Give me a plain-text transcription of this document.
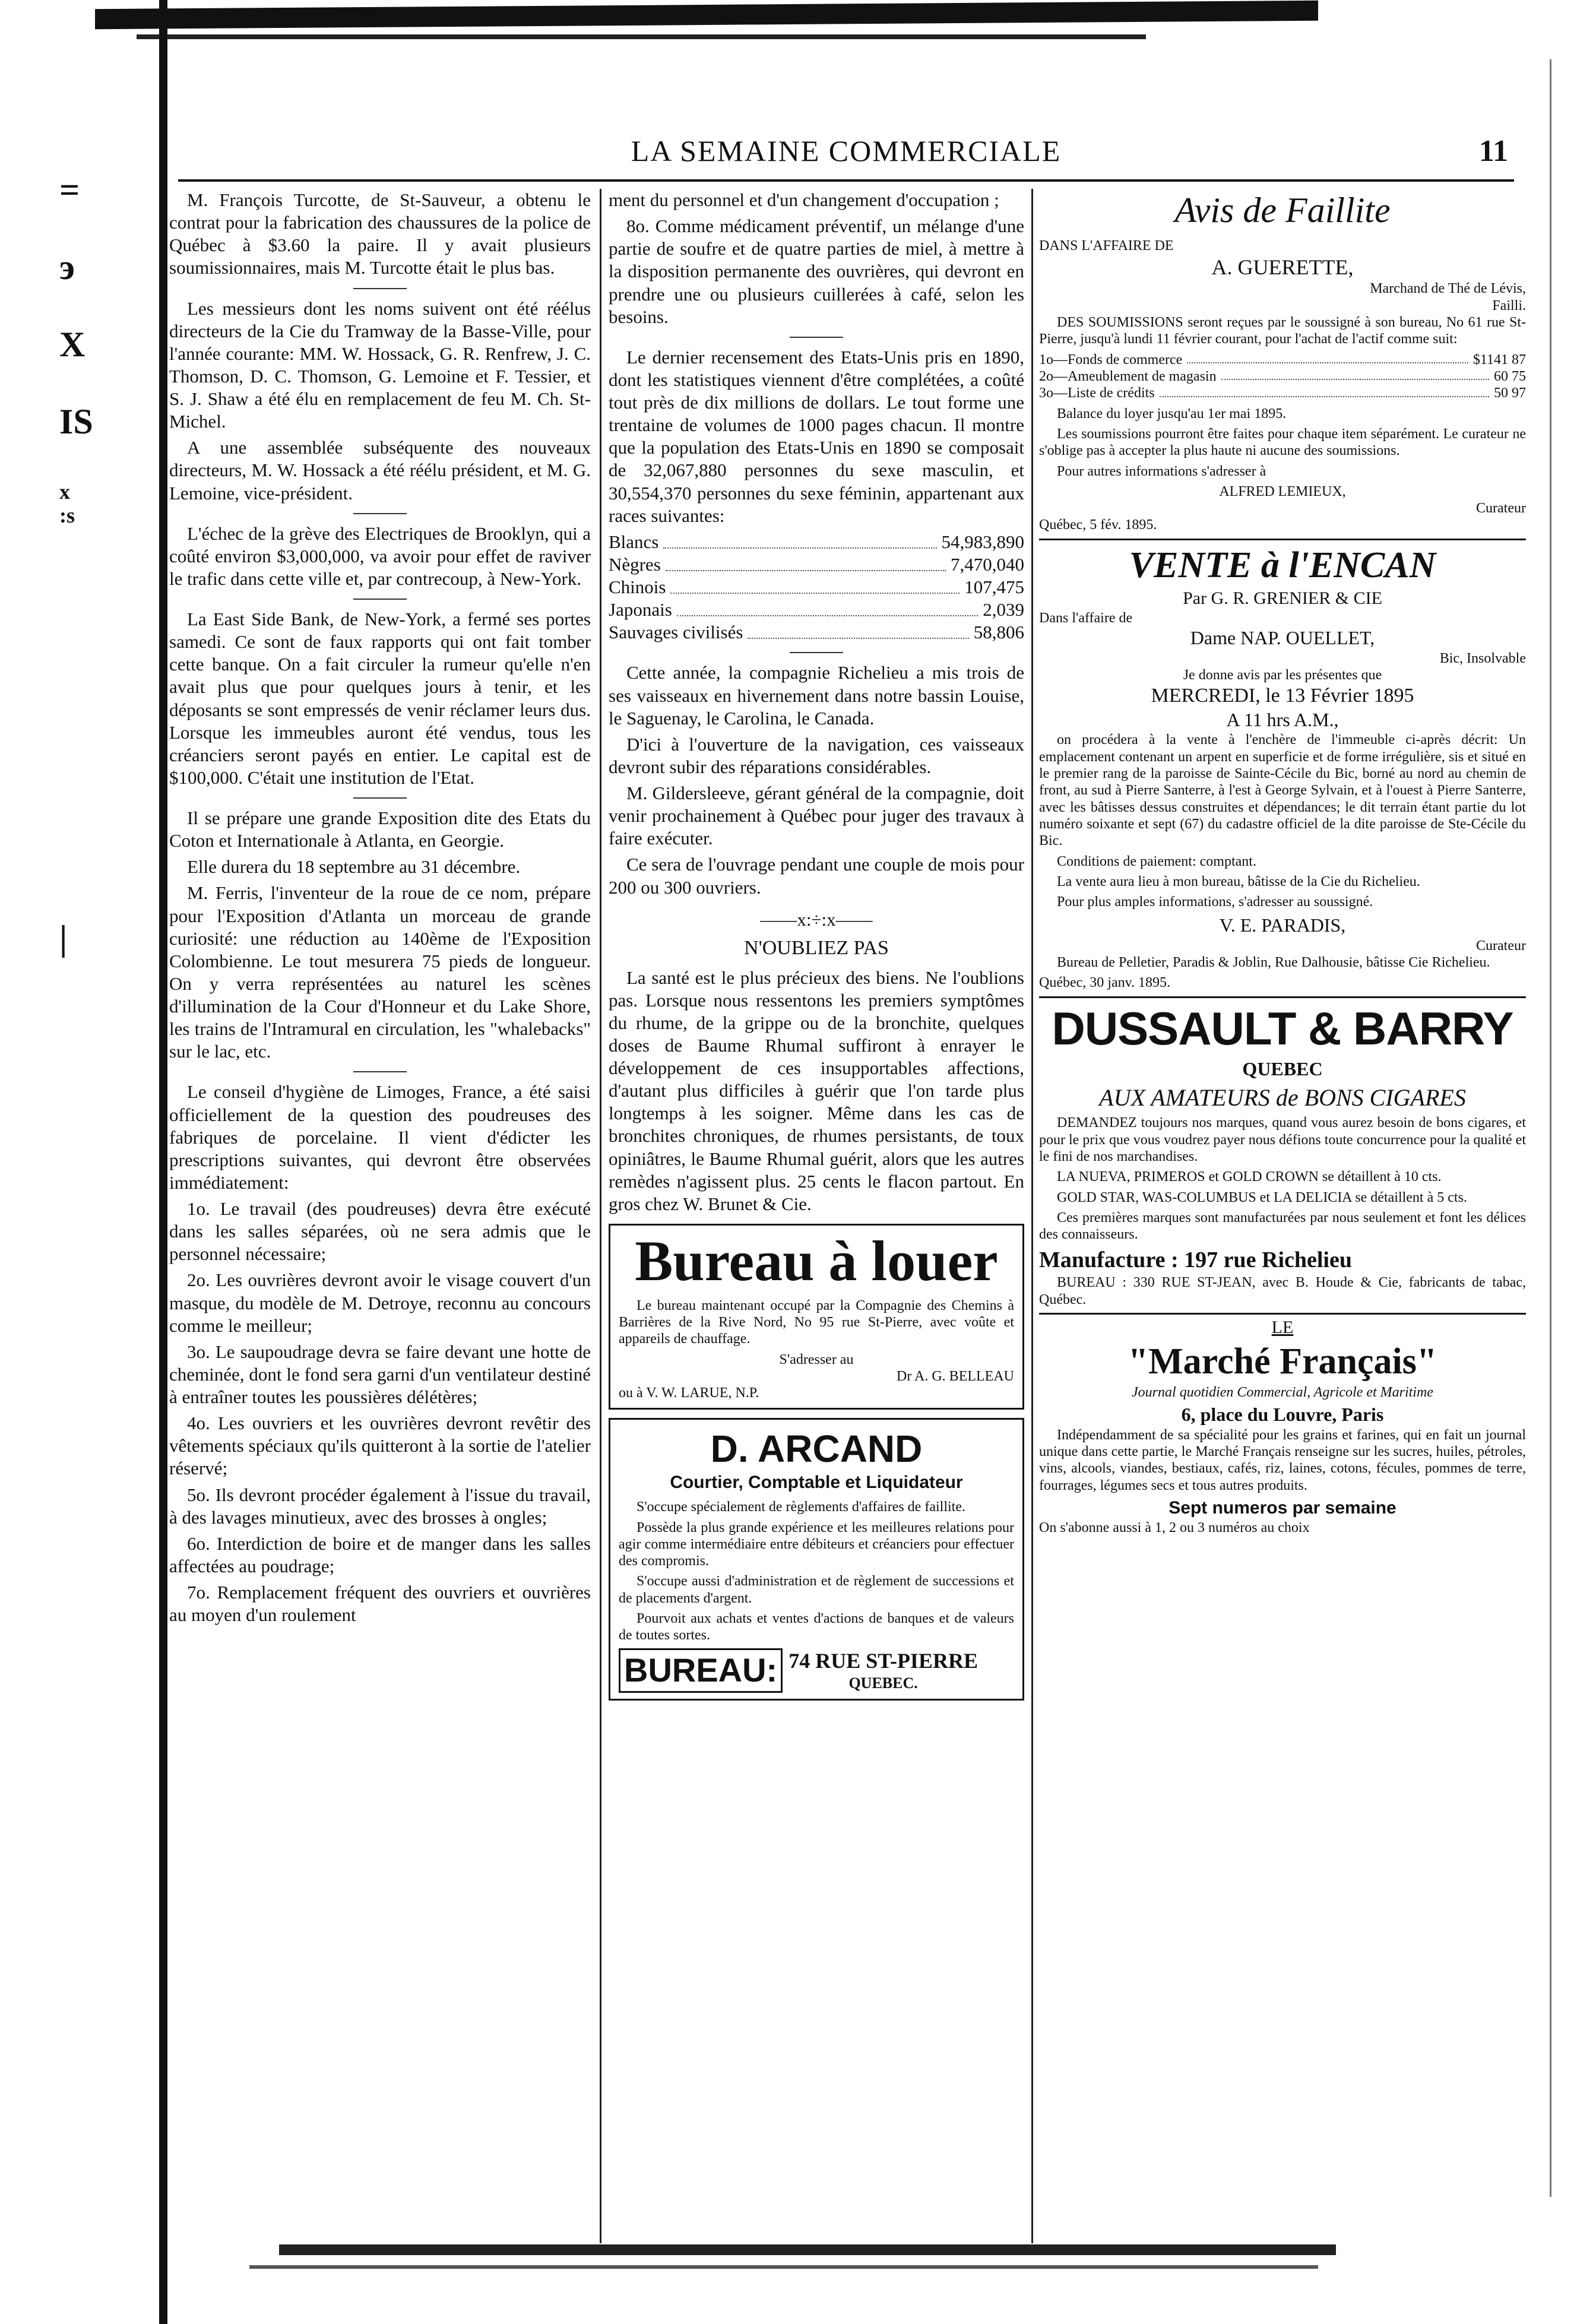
=
э
X
IS
x
:s
|
LA SEMAINE COMMERCIALE	11

M. François Turcotte, de St-Sauveur, a obtenu le contrat pour la fabrication des chaussures de la police de Québec à $3.60 la paire. Il y avait plusieurs soumissionnaires, mais M. Turcotte était le plus bas.

Les messieurs dont les noms suivent ont été réélus directeurs de la Cie du Tramway de la Basse-Ville, pour l'année courante: MM. W. Hossack, G. R. Renfrew, J. C. Thomson, D. C. Thomson, G. Lemoine et F. Tessier, et S. J. Shaw a été élu en remplacement de feu M. Ch. St-Michel.

A une assemblée subséquente des nouveaux directeurs, M. W. Hossack a été réélu président, et M. G. Lemoine, vice-président.

L'échec de la grève des Electriques de Brooklyn, qui a coûté environ $3,000,000, va avoir pour effet de raviver le trafic dans cette ville et, par contrecoup, à New-York.

La East Side Bank, de New-York, a fermé ses portes samedi. Ce sont de faux rapports qui ont fait tomber cette banque. On a fait circuler la rumeur qu'elle n'en avait plus que pour quelques jours à tenir, et les déposants se sont empressés de venir réclamer leurs dus. Lorsque les immeubles auront été vendus, tous les créanciers seront payés en entier. Le capital est de $100,000. C'était une institution de l'Etat.

Il se prépare une grande Exposition dite des Etats du Coton et Internationale à Atlanta, en Georgie.

Elle durera du 18 septembre au 31 décembre.

M. Ferris, l'inventeur de la roue de ce nom, prépare pour l'Exposition d'Atlanta un morceau de grande curiosité: une réduction au 140ème de l'Exposition Colombienne. Le tout mesurera 75 pieds de longueur. On y verra représentées au naturel les scènes d'illumination de la Cour d'Honneur et du Lake Shore, les trains de l'Intramural en circulation, les "whalebacks" sur le lac, etc.

Le conseil d'hygiène de Limoges, France, a été saisi officiellement de la question des poudreuses des fabriques de porcelaine. Il vient d'édicter les prescriptions suivantes, qui devront être observées immédiatement:

1o. Le travail (des poudreuses) devra être exécuté dans les salles séparées, où ne sera admis que le personnel nécessaire;

2o. Les ouvrières devront avoir le visage couvert d'un masque, du modèle de M. Detroye, reconnu au concours comme le meilleur;

3o. Le saupoudrage devra se faire devant une hotte de cheminée, dont le fond sera garni d'un ventilateur destiné à entraîner toutes les poussières délétères;

4o. Les ouvriers et les ouvrières devront revêtir des vêtements spéciaux qu'ils quitteront à la sortie de l'atelier réservé;

5o. Ils devront procéder également à l'issue du travail, à des lavages minutieux, avec des brosses à ongles;

6o. Interdiction de boire et de manger dans les salles affectées au poudrage;

7o. Remplacement fréquent des ouvriers et ouvrières au moyen d'un roulement

ment du personnel et d'un changement d'occupation ;

8o. Comme médicament préventif, un mélange d'une partie de soufre et de quatre parties de miel, à mettre à la disposition permanente des ouvrières, qui devront en prendre une ou plusieurs cuillerées à café, selon les besoins.

Le dernier recensement des Etats-Unis pris en 1890, dont les statistiques viennent d'être complétées, a coûté tout près de dix millions de dollars. Le tout forme une trentaine de volumes de 1000 pages chacun. Il montre que la population des Etats-Unis en 1890 se composait de 32,067,880 personnes du sexe masculin, et 30,554,370 personnes du sexe féminin, appartenant aux races suivantes:

Blancs	54,983,890
Nègres	7,470,040
Chinois	107,475
Japonais	2,039
Sauvages civilisés	58,806

Cette année, la compagnie Richelieu a mis trois de ses vaisseaux en hivernement dans notre bassin Louise, le Saguenay, le Carolina, le Canada.

D'ici à l'ouverture de la navigation, ces vaisseaux devront subir des réparations considérables.

M. Gildersleeve, gérant général de la compagnie, doit venir prochainement à Québec pour juger des travaux à faire exécuter.

Ce sera de l'ouvrage pendant une couple de mois pour 200 ou 300 ouvriers.

——x:÷:x——
N'OUBLIEZ PAS

La santé est le plus précieux des biens. Ne l'oublions pas. Lorsque nous ressentons les premiers symptômes du rhume, de la grippe ou de la bronchite, quelques doses de Baume Rhumal suffiront à enrayer le développement de ces insupportables affections, d'autant plus difficiles à guérir que l'on tarde plus longtemps à les soigner. Même dans les cas de bronchites chroniques, de rhumes persistants, de toux opiniâtres, le Baume Rhumal guérit, alors que les autres remèdes n'agissent plus. 25 cents le flacon partout. En gros chez W. Brunet & Cie.

Bureau à louer

Le bureau maintenant occupé par la Compagnie des Chemins à Barrières de la Rive Nord, No 95 rue St-Pierre, avec voûte et appareils de chauffage.

S'adresser au
Dr A. G. BELLEAU
ou à V. W. LARUE, N.P.
D. ARCAND
Courtier, Comptable et Liquidateur

S'occupe spécialement de règlements d'affaires de faillite.

Possède la plus grande expérience et les meilleures relations pour agir comme intermédiaire entre débiteurs et créanciers pour effectuer des compromis.

S'occupe aussi d'administration et de règlement de successions et de placements d'argent.

Pourvoit aux achats et ventes d'actions de banques et de valeurs de toutes sortes.

BUREAU: 74 RUE ST-PIERRE
QUEBEC.
Avis de Faillite
DANS L'AFFAIRE DE
A. GUERETTE,
Marchand de Thé de Lévis,
Failli.

DES SOUMISSIONS seront reçues par le soussigné à son bureau, No 61 rue St-Pierre, jusqu'à lundi 11 février courant, pour l'achat de l'actif comme suit:

1o—Fonds de commerce	$1141 87
2o—Ameublement de magasin	60 75
3o—Liste de crédits	50 97

Balance du loyer jusqu'au 1er mai 1895.

Les soumissions pourront être faites pour chaque item séparément. Le curateur ne s'oblige pas à accepter la plus haute ni aucune des soumissions.

Pour autres informations s'adresser à

ALFRED LEMIEUX,
Curateur
Québec, 5 fév. 1895.
VENTE à l'ENCAN
Par G. R. GRENIER & CIE
Dans l'affaire de
Dame NAP. OUELLET,
Bic, Insolvable
Je donne avis par les présentes que
MERCREDI, le 13 Février 1895
A 11 hrs A.M.,

on procédera à la vente à l'enchère de l'immeuble ci-après décrit: Un emplacement contenant un arpent en superficie et de forme irrégulière, sis et situé en le premier rang de la paroisse de Sainte-Cécile du Bic, borné au nord au chemin de front, au sud à Pierre Santerre, à l'est à George Sylvain, et à l'ouest à Pierre Santerre, avec les bâtisses dessus construites et dépendances; le dit terrain étant partie du lot numéro soixante et sept (67) du cadastre officiel de la dite paroisse de Ste-Cécile du Bic.

Conditions de paiement: comptant.

La vente aura lieu à mon bureau, bâtisse de la Cie du Richelieu.

Pour plus amples informations, s'adresser au soussigné.

V. E. PARADIS,
Curateur

Bureau de Pelletier, Paradis & Joblin, Rue Dalhousie, bâtisse Cie Richelieu.

Québec, 30 janv. 1895.
DUSSAULT & BARRY
QUEBEC
AUX AMATEURS de BONS CIGARES

DEMANDEZ toujours nos marques, quand vous aurez besoin de bons cigares, et pour le prix que vous voudrez payer nous défions toute concurrence pour la qualité et le fini de nos marchandises.

LA NUEVA, PRIMEROS et GOLD CROWN se détaillent à 10 cts.

GOLD STAR, WAS-COLUMBUS et LA DELICIA se détaillent à 5 cts.

Ces premières marques sont manufacturées par nous seulement et font les délices des connaisseurs.

Manufacture : 197 rue Richelieu

BUREAU : 330 RUE ST-JEAN, avec B. Houde & Cie, fabricants de tabac, Québec.

LE
"Marché Français"
Journal quotidien Commercial, Agricole et Maritime
6, place du Louvre, Paris

Indépendamment de sa spécialité pour les grains et farines, qui en fait un journal unique dans cette partie, le Marché Français renseigne sur les sucres, huiles, pétroles, vins, alcools, viandes, bestiaux, cafés, riz, laines, cotons, fécules, pommes de terre, fourrages, légumes secs et tous autres produits.

Sept numeros par semaine
On s'abonne aussi à 1, 2 ou 3 numéros au choix
